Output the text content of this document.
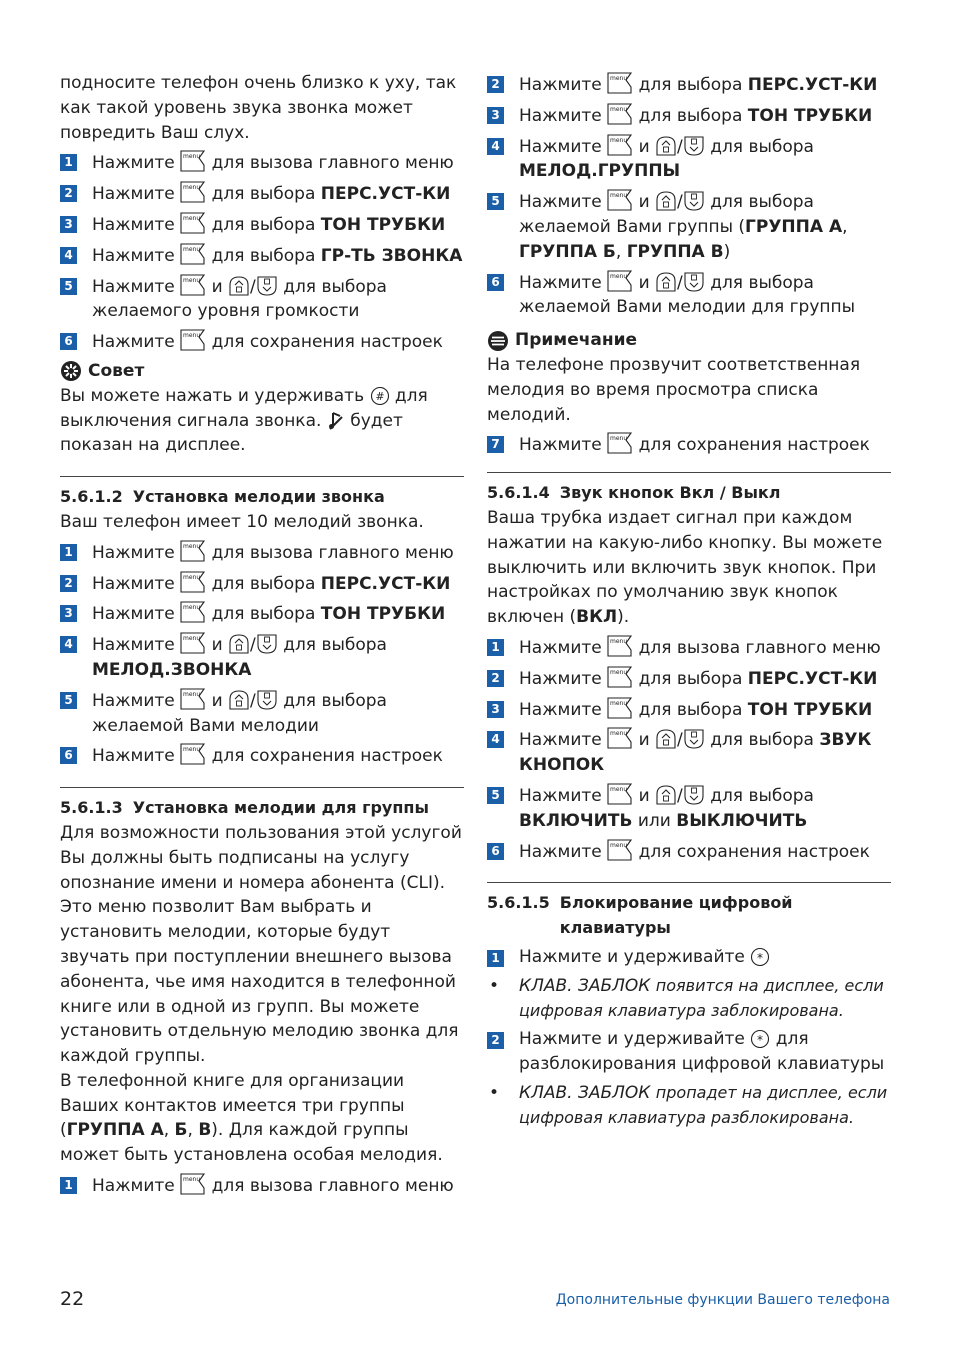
подносите телефон очень близко к уху, так как такой уровень звука звонка может повредить Ваш слух.

1 Нажмите для вызова главного меню
2 Нажмите для выбора ПЕРС.УСТ-КИ
3 Нажмите для выбора ТОН ТРУБКИ
4 Нажмите для выбора ГР-ТЬ ЗВОНКА
5 Нажмите и / для выбора желаемого уровня громкости
6 Нажмите для сохранения настроек
Совет

Вы можете нажать и удерживать для выключения сигнала звонка. будет показан на дисплее.

5.6.1.2 Установка мелодии звонка

Ваш телефон имеет 10 мелодий звонка.

1 Нажмите для вызова главного меню
2 Нажмите для выбора ПЕРС.УСТ-КИ
3 Нажмите для выбора ТОН ТРУБКИ
4 Нажмите и / для выбора МЕЛОД.ЗВОНКА
5 Нажмите и / для выбора желаемой Вами мелодии
6 Нажмите для сохранения настроек
5.6.1.3 Установка мелодии для группы

Для возможности пользования этой услугой Вы должны быть подписаны на услугу опознание имени и номера абонента (CLI). Это меню позволит Вам выбрать и установить мелодии, которые будут звучать при поступлении внешнего вызова абонента, чье имя находится в телефонной книге или в одной из групп. Вы можете установить отдельную мелодию звонка для каждой группы.

В телефонной книге для организации Ваших контактов имеется три группы (ГРУППА А, Б, В). Для каждой группы может быть установлена особая мелодия.

1 Нажмите для вызова главного меню
2 Нажмите для выбора ПЕРС.УСТ-КИ
3 Нажмите для выбора ТОН ТРУБКИ
4 Нажмите и / для выбора МЕЛОД.ГРУППЫ
5 Нажмите и / для выбора желаемой Вами группы (ГРУППА А, ГРУППА Б, ГРУППА В)
6 Нажмите и / для выбора желаемой Вами мелодии для группы
Примечание

На телефоне прозвучит соответственная мелодия во время просмотра списка мелодий.

7 Нажмите для сохранения настроек
5.6.1.4 Звук кнопок Вкл / Выкл

Ваша трубка издает сигнал при каждом нажатии на какую-либо кнопку. Вы можете выключить или включить звук кнопок. При настройках по умолчанию звук кнопок включен (ВКЛ).

1 Нажмите для вызова главного меню
2 Нажмите для выбора ПЕРС.УСТ-КИ
3 Нажмите для выбора ТОН ТРУБКИ
4 Нажмите и / для выбора ЗВУК КНОПОК
5 Нажмите и / для выбора ВКЛЮЧИТЬ или ВЫКЛЮЧИТЬ
6 Нажмите для сохранения настроек
5.6.1.5 Блокирование цифровой клавиатуры
1 Нажмите и удерживайте
• КЛАВ. ЗАБЛОК появится на дисплее, если цифровая клавиатура заблокирована.
2 Нажмите и удерживайте для разблокирования цифровой клавиатуры
• КЛАВ. ЗАБЛОК пропадет на дисплее, если цифровая клавиатура разблокирована.
22	Дополнительные функции Вашего телефона
